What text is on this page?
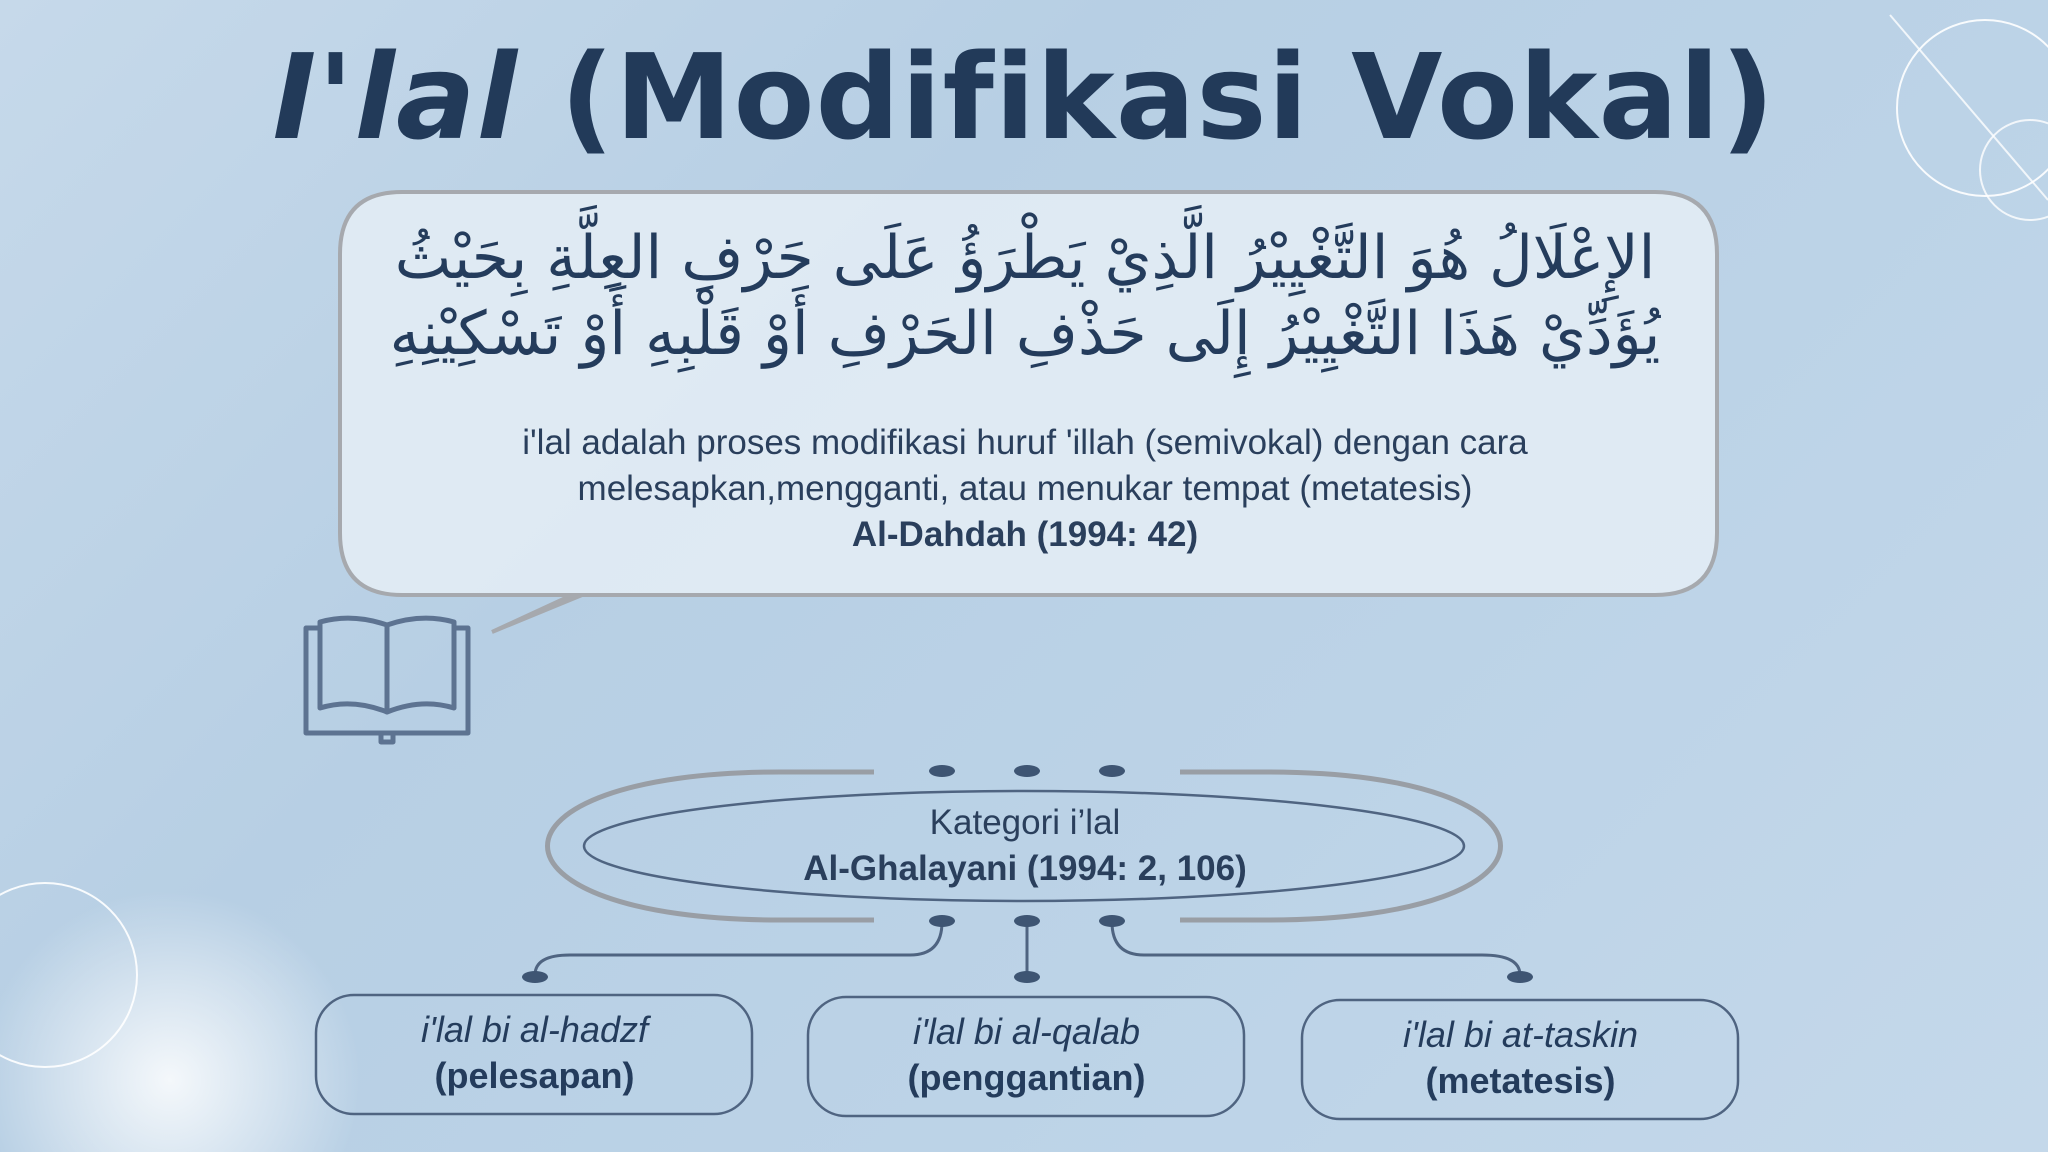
I'lal (Modifikasi Vokal)
الإِعْلَالُ هُوَ التَّغْيِيْرُ الَّذِيْ يَطْرَؤُ عَلَى حَرْفِ العِلَّةِ بِحَيْثُ
يُؤَدِّيْ هَذَا التَّغْيِيْرُ إِلَى حَذْفِ الحَرْفِ أَوْ قَلْبِهِ أَوْ تَسْكِيْنِهِ
i'lal adalah proses modifikasi huruf 'illah (semivokal) dengan cara
melesapkan,mengganti, atau menukar tempat (metatesis)
Al-Dahdah (1994: 42)
Kategori i’lal
Al-Ghalayani (1994: 2, 106)
i'lal bi al-hadzf
(pelesapan)
i'lal bi al-qalab
(penggantian)
i'lal bi at-taskin
(metatesis)
